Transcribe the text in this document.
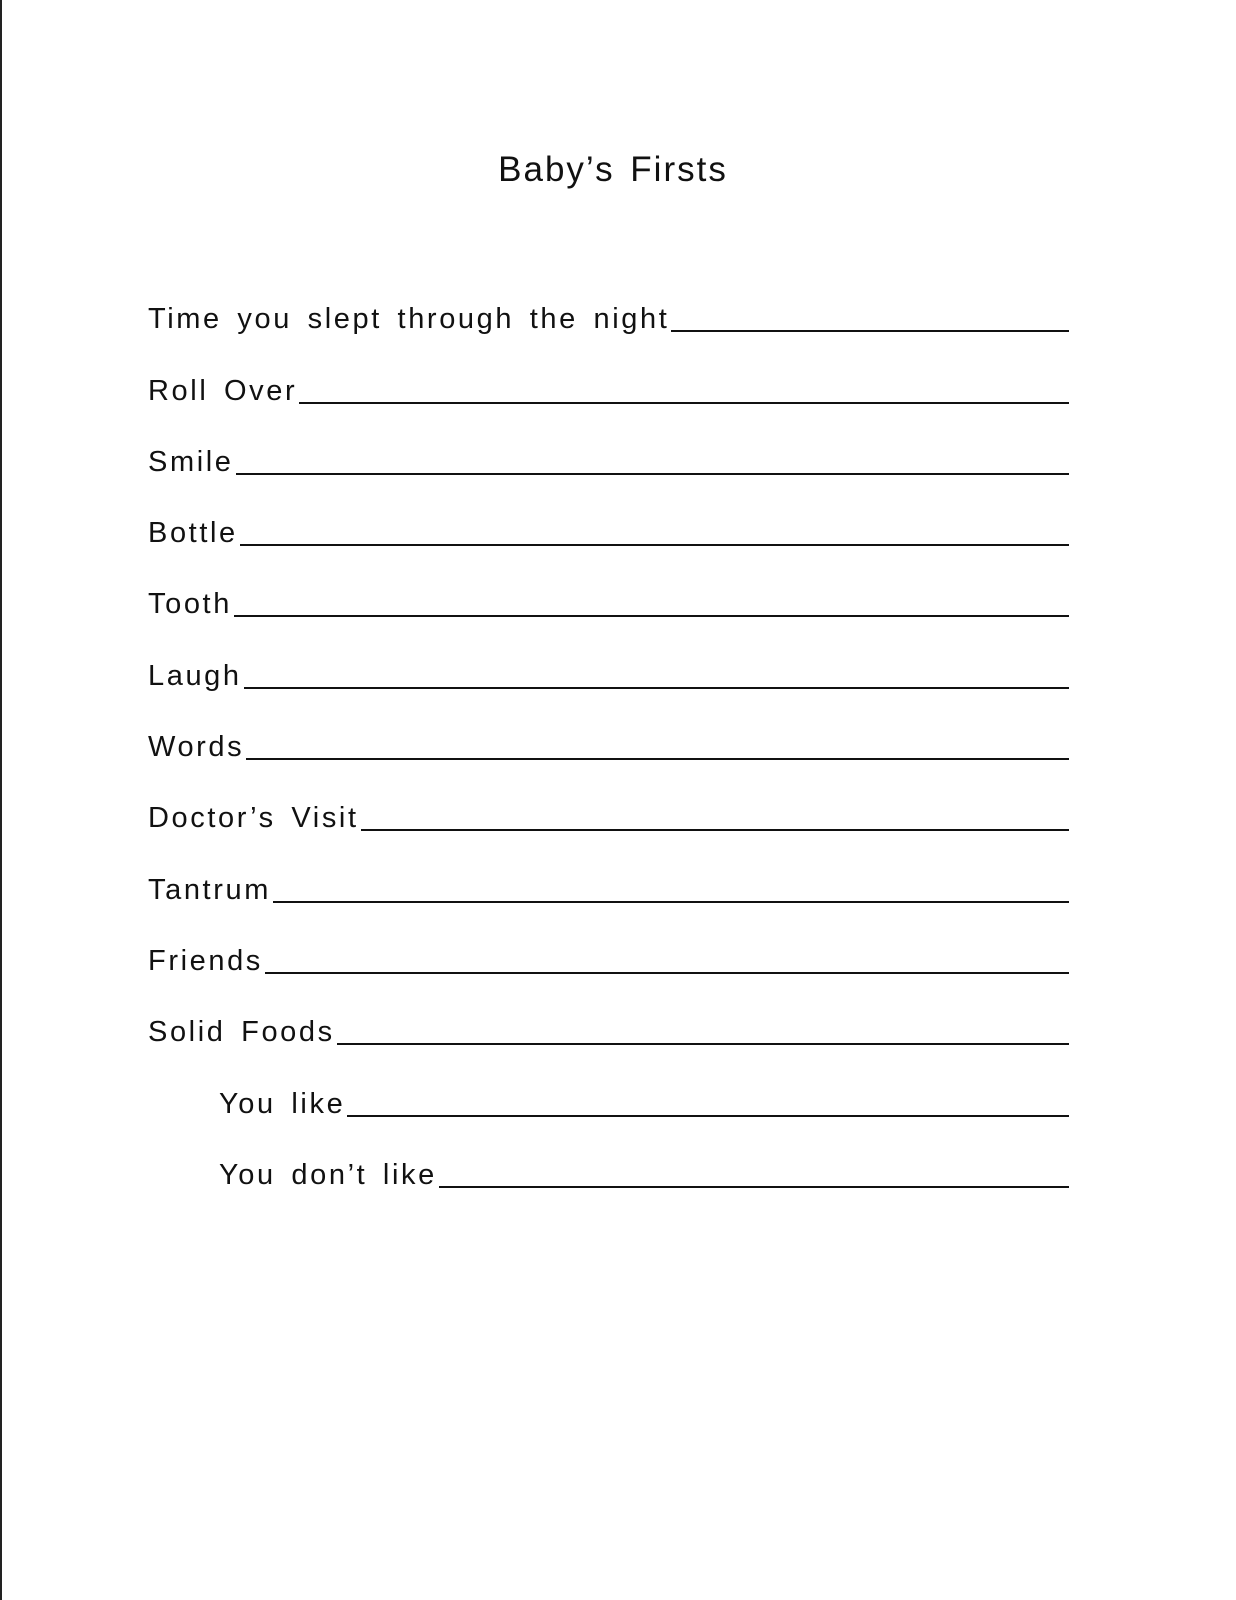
Baby’s Firsts
Time you slept through the night
Roll Over
Smile
Bottle
Tooth
Laugh
Words
Doctor’s Visit
Tantrum
Friends
Solid Foods
You like
You don’t like
